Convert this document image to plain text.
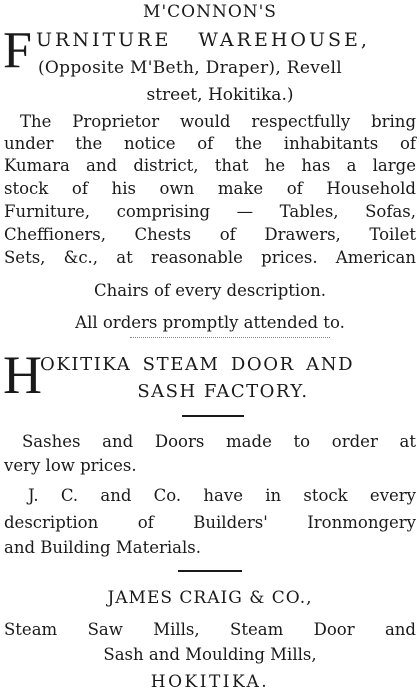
M'CONNON'S
F URNITURE WAREHOUSE,
(Opposite M'Beth, Draper), Revell
street, Hokitika.)
The Proprietor would respectfully bring
under the notice of the inhabitants of
Kumara and district, that he has a large
stock of his own make of Household
Furniture, comprising — Tables, Sofas,
Cheffioners, Chests of Drawers, Toilet
Sets, &c., at reasonable prices. American
Chairs of every description.
All orders promptly attended to.
H
OKITIKA STEAM DOOR AND
SASH FACTORY.
Sashes and Doors made to order at
very low prices.
J. C. and Co. have in stock every
description of Builders' Ironmongery
and Building Materials.
JAMES CRAIG & CO.,
Steam Saw Mills, Steam Door and
Sash and Moulding Mills,
HOKITIKA.
